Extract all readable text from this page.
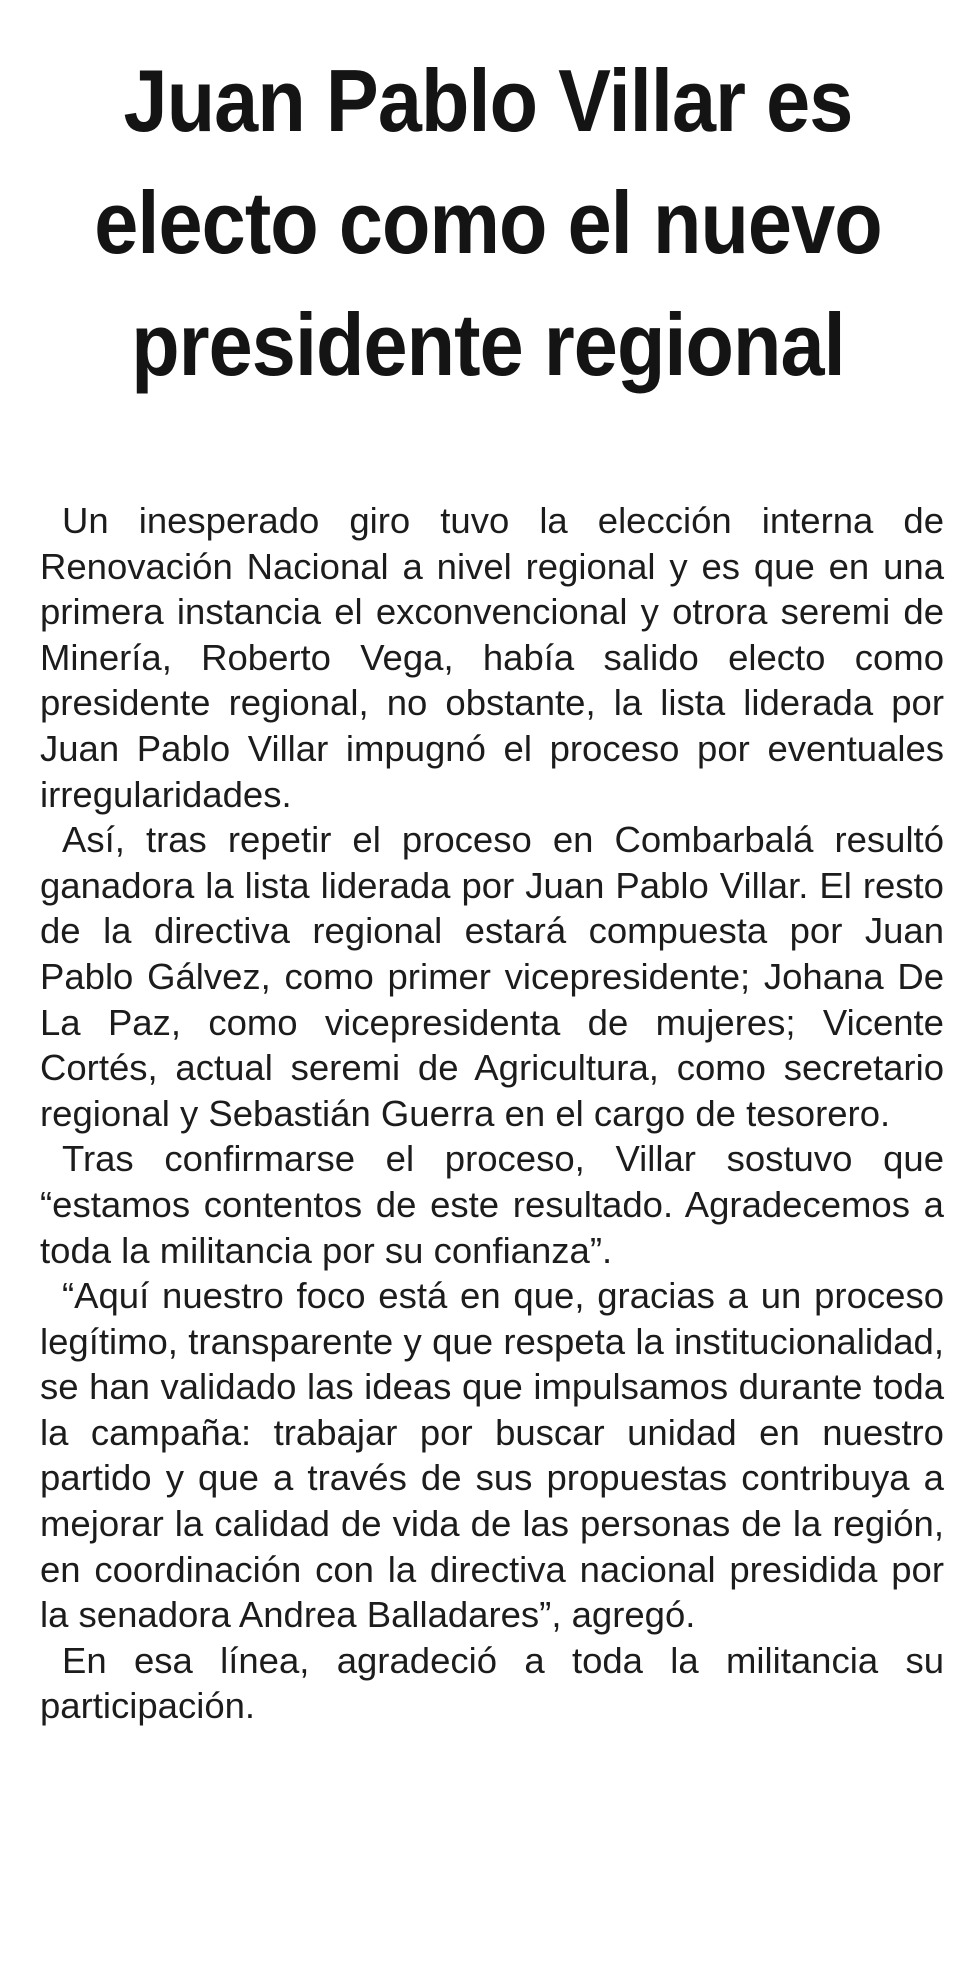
Juan Pablo Villar es electo como el nuevo presidente regional

Un inesperado giro tuvo la elección interna de Renovación Nacional a nivel regional y es que en una primera instancia el exconvencional y otrora seremi de Minería, Roberto Vega, había salido electo como presidente regional, no obstante, la lista liderada por Juan Pablo Villar impugnó el proceso por eventuales irregularidades.

Así, tras repetir el proceso en Combarbalá resultó ganadora la lista liderada por Juan Pablo Villar. El resto de la directiva regional estará compuesta por Juan Pablo Gálvez, como primer vicepresidente; Johana De La Paz, como vicepresidenta de mujeres; Vicente Cortés, actual seremi de Agricultura, como secretario regional y Sebastián Guerra en el cargo de tesorero.

Tras confirmarse el proceso, Villar sostuvo que “estamos contentos de este resultado. Agradecemos a toda la militancia por su confianza”.

“Aquí nuestro foco está en que, gracias a un proceso legítimo, transparente y que respeta la institucionalidad, se han validado las ideas que impulsamos durante toda la campaña: trabajar por buscar unidad en nuestro partido y que a través de sus propuestas contribuya a mejorar la calidad de vida de las personas de la región, en coordinación con la directiva nacional presidida por la senadora Andrea Balladares”, agregó.

En esa línea, agradeció a toda la militancia su participación.
